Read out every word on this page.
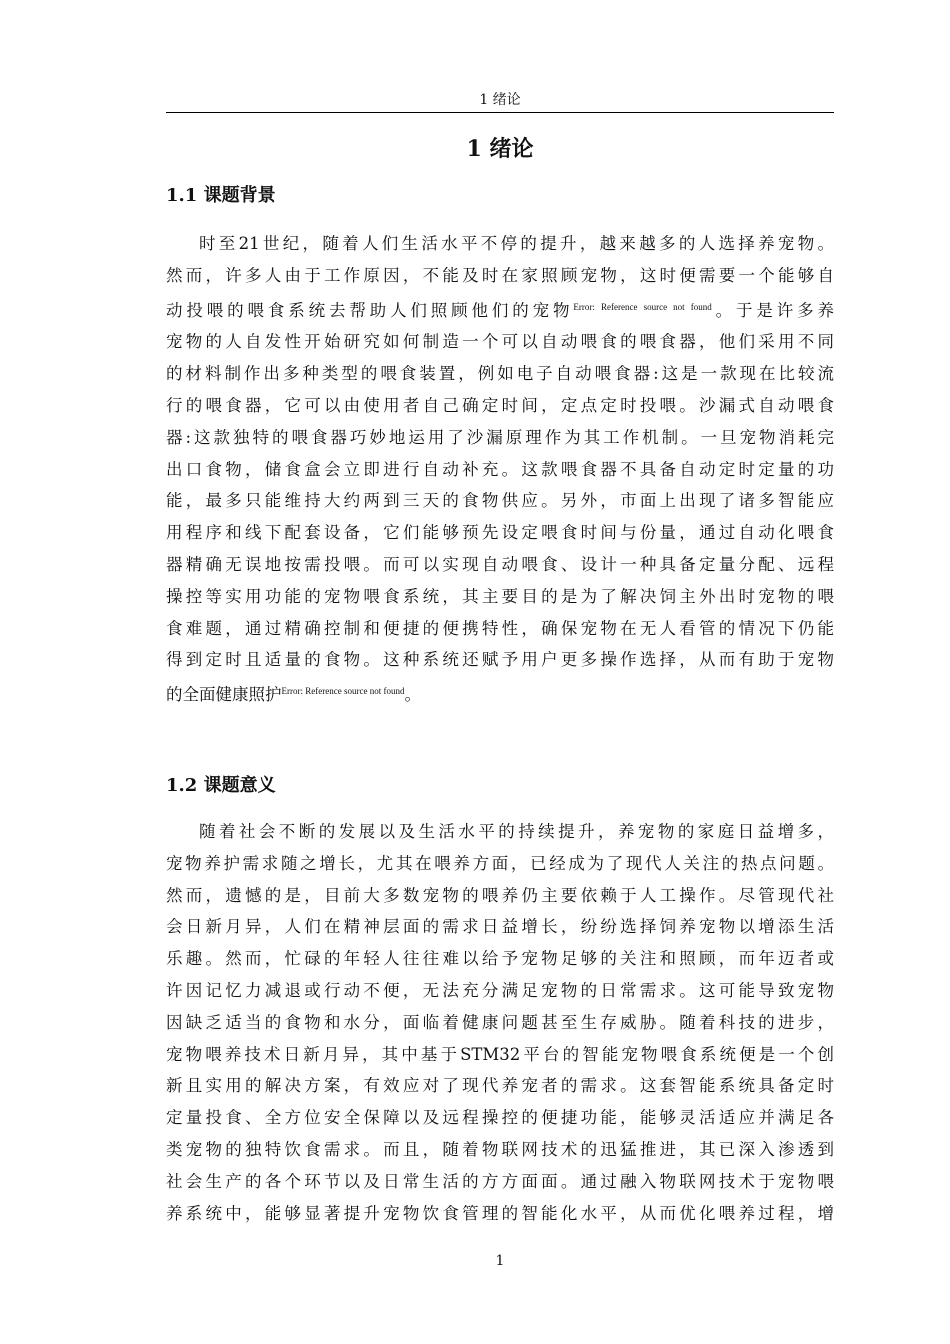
1 绪论
1 绪论
1.1 课题背景
时至21世纪，随着人们生活水平不停的提升，越来越多的人选择养宠物。
然而，许多人由于工作原因，不能及时在家照顾宠物，这时便需要一个能够自
动投喂的喂食系统去帮助人们照顾他们的宠物$^{Error: Reference source not found}$。于是许多养
宠物的人自发性开始研究如何制造一个可以自动喂食的喂食器，他们采用不同
的材料制作出多种类型的喂食装置，例如电子自动喂食器:这是一款现在比较流
行的喂食器，它可以由使用者自己确定时间，定点定时投喂。沙漏式自动喂食
器:这款独特的喂食器巧妙地运用了沙漏原理作为其工作机制。一旦宠物消耗完
出口食物，储食盒会立即进行自动补充。这款喂食器不具备自动定时定量的功
能，最多只能维持大约两到三天的食物供应。另外，市面上出现了诸多智能应
用程序和线下配套设备，它们能够预先设定喂食时间与份量，通过自动化喂食
器精确无误地按需投喂。而可以实现自动喂食、设计一种具备定量分配、远程
操控等实用功能的宠物喂食系统，其主要目的是为了解决饲主外出时宠物的喂
食难题，通过精确控制和便捷的便携特性，确保宠物在无人看管的情况下仍能
得到定时且适量的食物。这种系统还赋予用户更多操作选择，从而有助于宠物
的全面健康照护$^{Error: Reference source not found}$。
1.2 课题意义
随着社会不断的发展以及生活水平的持续提升，养宠物的家庭日益增多，
宠物养护需求随之增长，尤其在喂养方面，已经成为了现代人关注的热点问题。
然而，遗憾的是，目前大多数宠物的喂养仍主要依赖于人工操作。尽管现代社
会日新月异，人们在精神层面的需求日益增长，纷纷选择饲养宠物以增添生活
乐趣。然而，忙碌的年轻人往往难以给予宠物足够的关注和照顾，而年迈者或
许因记忆力减退或行动不便，无法充分满足宠物的日常需求。这可能导致宠物
因缺乏适当的食物和水分，面临着健康问题甚至生存威胁。随着科技的进步，
宠物喂养技术日新月异，其中基于STM32平台的智能宠物喂食系统便是一个创
新且实用的解决方案，有效应对了现代养宠者的需求。这套智能系统具备定时
定量投食、全方位安全保障以及远程操控的便捷功能，能够灵活适应并满足各
类宠物的独特饮食需求。而且，随着物联网技术的迅猛推进，其已深入渗透到
社会生产的各个环节以及日常生活的方方面面。通过融入物联网技术于宠物喂
养系统中，能够显著提升宠物饮食管理的智能化水平，从而优化喂养过程，增
1
